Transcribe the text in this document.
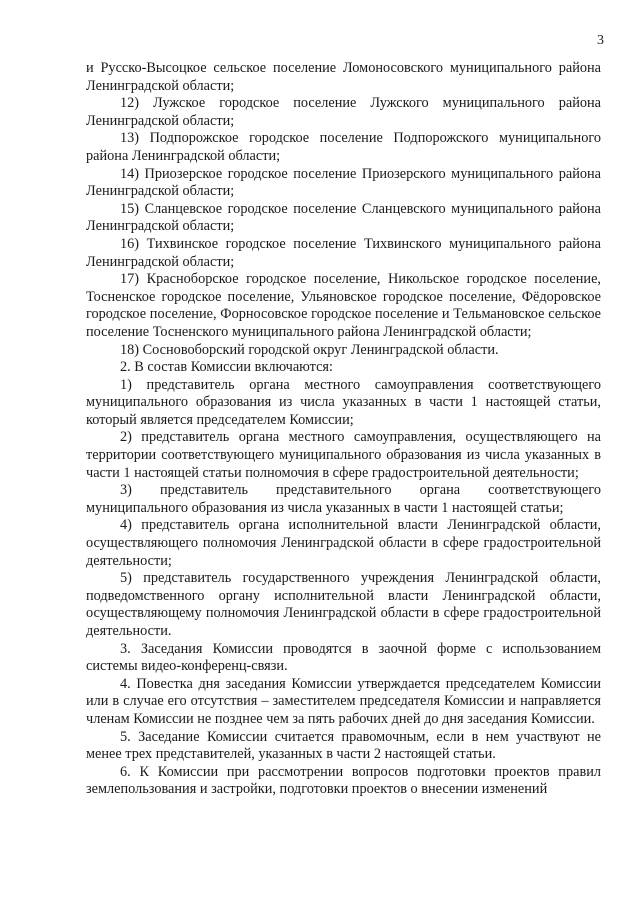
3

и Русско-Высоцкое сельское поселение Ломоносовского муниципального района Ленинградской области;

12) Лужское городское поселение Лужского муниципального района Ленинградской области;

13) Подпорожское городское поселение Подпорожского муниципального района Ленинградской области;

14) Приозерское городское поселение Приозерского муниципального района Ленинградской области;

15) Сланцевское городское поселение Сланцевского муниципального района Ленинградской области;

16) Тихвинское городское поселение Тихвинского муниципального района Ленинградской области;

17) Красноборское городское поселение, Никольское городское поселение, Тосненское городское поселение, Ульяновское городское поселение, Фёдоровское городское поселение, Форносовское городское поселение и Тельмановское сельское поселение Тосненского муниципального района Ленинградской области;

18) Сосновоборский городской округ Ленинградской области.

2. В состав Комиссии включаются:

1) представитель органа местного самоуправления соответствующего муниципального образования из числа указанных в части 1 настоящей статьи, который является председателем Комиссии;

2) представитель органа местного самоуправления, осуществляющего на территории соответствующего муниципального образования из числа указанных в части 1 настоящей статьи полномочия в сфере градостроительной деятельности;

3) представитель представительного органа соответствующего муниципального образования из числа указанных в части 1 настоящей статьи;

4) представитель органа исполнительной власти Ленинградской области, осуществляющего полномочия Ленинградской области в сфере градостроительной деятельности;

5) представитель государственного учреждения Ленинградской области, подведомственного органу исполнительной власти Ленинградской области, осуществляющему полномочия Ленинградской области в сфере градостроительной деятельности.

3. Заседания Комиссии проводятся в заочной форме с использованием системы видео-конференц-связи.

4. Повестка дня заседания Комиссии утверждается председателем Комиссии или в случае его отсутствия – заместителем председателя Комиссии и направляется членам Комиссии не позднее чем за пять рабочих дней до дня заседания Комиссии.

5. Заседание Комиссии считается правомочным, если в нем участвуют не менее трех представителей, указанных в части 2 настоящей статьи.

6. К Комиссии при рассмотрении вопросов подготовки проектов правил землепользования и застройки, подготовки проектов о внесении изменений
